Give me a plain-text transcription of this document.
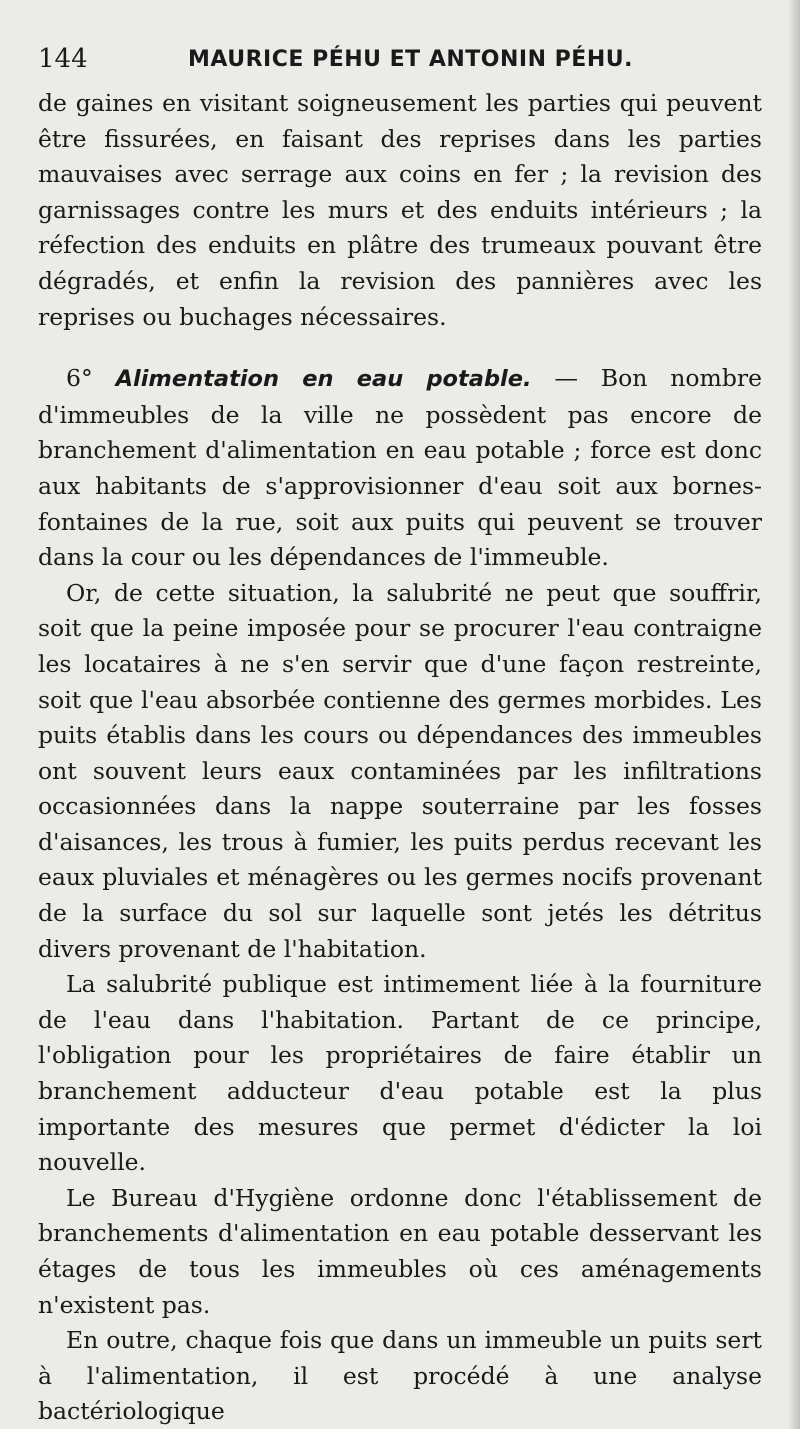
144	MAURICE PÉHU ET ANTONIN PÉHU.

de gaines en visitant soigneusement les parties qui peuvent être fissurées, en faisant des reprises dans les parties mauvaises avec serrage aux coins en fer ; la revision des garnissages contre les murs et des enduits intérieurs ; la réfection des enduits en plâtre des trumeaux pouvant être dégradés, et enfin la revision des pannières avec les reprises ou buchages nécessaires.

6° Alimentation en eau potable. — Bon nombre d'immeubles de la ville ne possèdent pas encore de branchement d'alimentation en eau potable ; force est donc aux habitants de s'approvisionner d'eau soit aux bornes-fontaines de la rue, soit aux puits qui peuvent se trouver dans la cour ou les dépendances de l'immeuble.

Or, de cette situation, la salubrité ne peut que souffrir, soit que la peine imposée pour se procurer l'eau contraigne les locataires à ne s'en servir que d'une façon restreinte, soit que l'eau absorbée contienne des germes morbides. Les puits établis dans les cours ou dépendances des immeubles ont souvent leurs eaux contaminées par les infiltrations occasionnées dans la nappe souterraine par les fosses d'aisances, les trous à fumier, les puits perdus recevant les eaux pluviales et ménagères ou les germes nocifs provenant de la surface du sol sur laquelle sont jetés les détritus divers provenant de l'habitation.

La salubrité publique est intimement liée à la fourniture de l'eau dans l'habitation. Partant de ce principe, l'obligation pour les propriétaires de faire établir un branchement adducteur d'eau potable est la plus importante des mesures que permet d'édicter la loi nouvelle.

Le Bureau d'Hygiène ordonne donc l'établissement de branchements d'alimentation en eau potable desservant les étages de tous les immeubles où ces aménagements n'existent pas.

En outre, chaque fois que dans un immeuble un puits sert à l'alimentation, il est procédé à une analyse bactériologique
